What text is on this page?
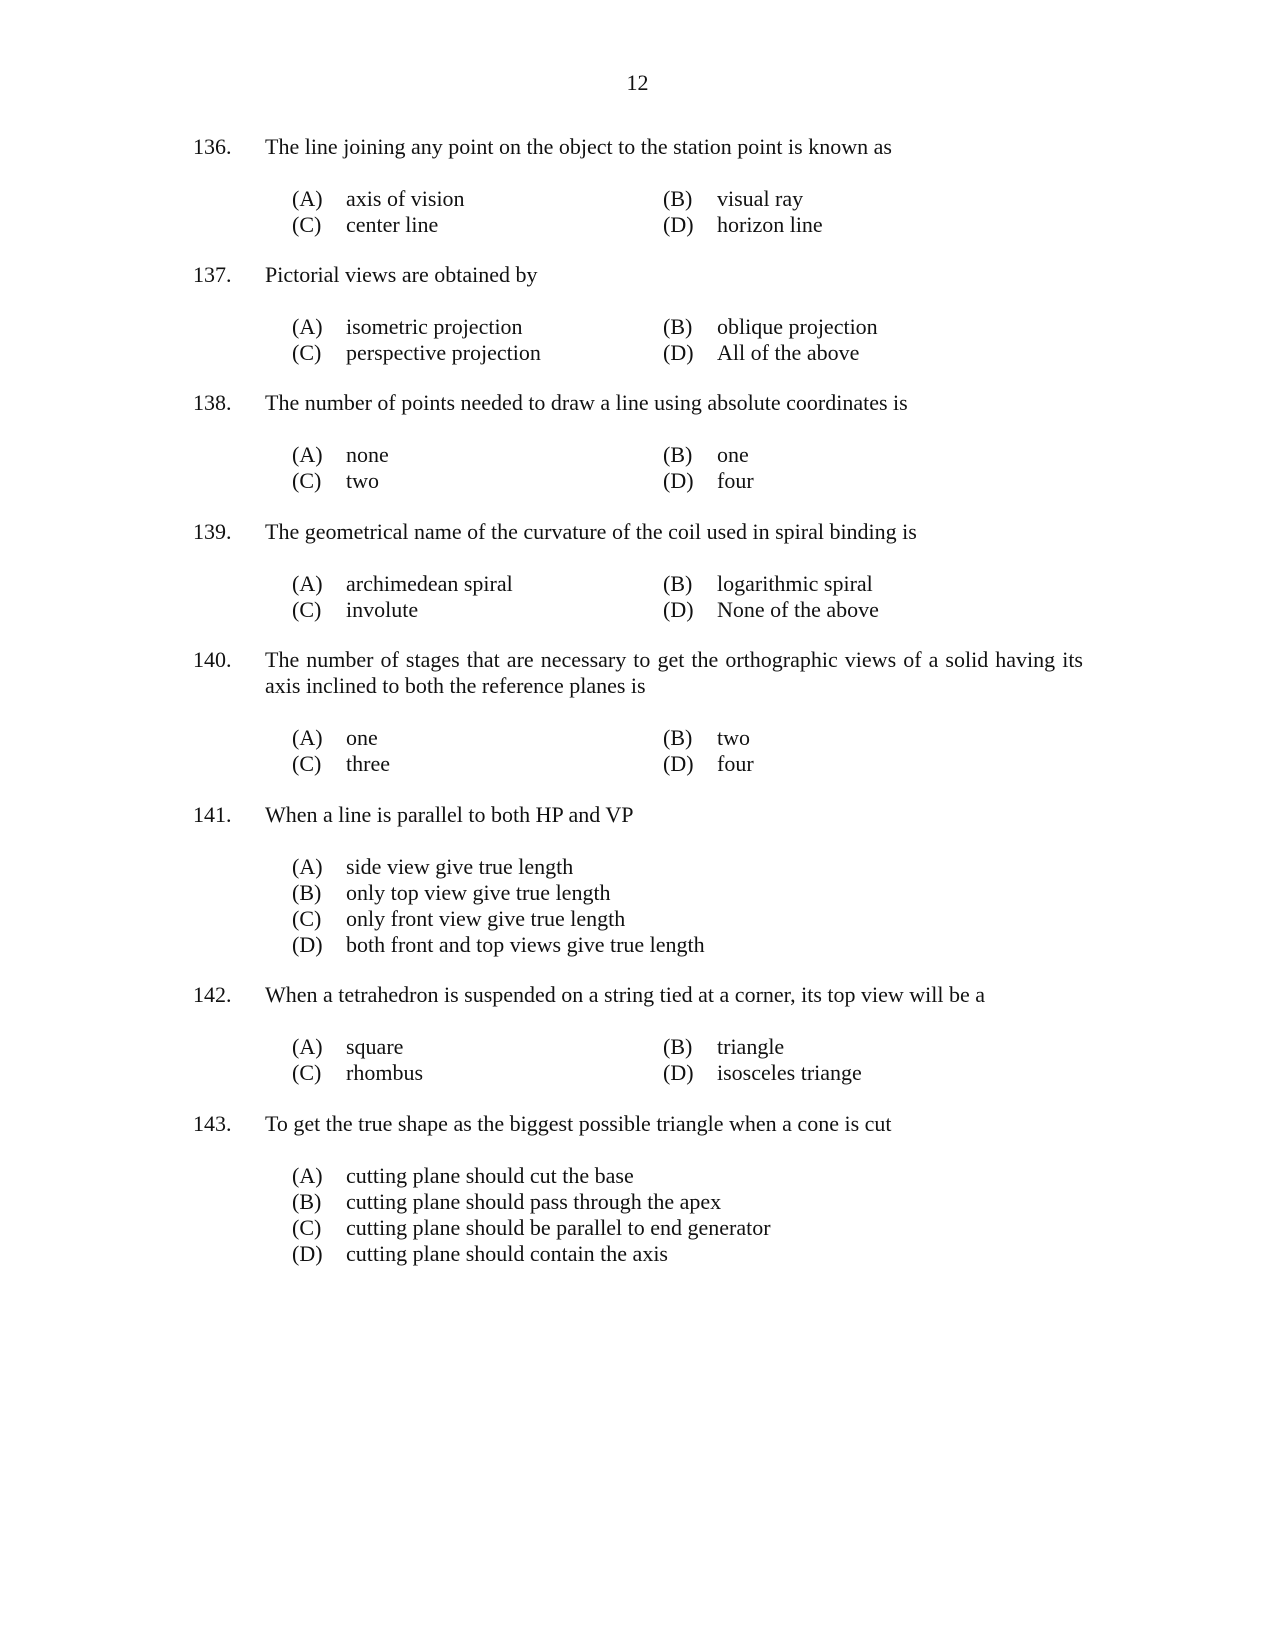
12
136.	The line joining any point on the object to the station point is known as
(A)	axis of vision	(B)	visual ray
(C)	center line	(D)	horizon line
137.	Pictorial views are obtained by
(A)	isometric projection	(B)	oblique projection
(C)	perspective projection	(D)	All of the above
138.	The number of points needed to draw a line using absolute coordinates is
(A)	none	(B)	one
(C)	two	(D)	four
139.	The geometrical name of the curvature of the coil used in spiral binding is
(A)	archimedean spiral	(B)	logarithmic spiral
(C)	involute	(D)	None of the above
140.	The number of stages that are necessary to get the orthographic views of a solid having its axis inclined to both the reference planes is
(A)	one	(B)	two
(C)	three	(D)	four
141.	When a line is parallel to both HP and VP
(A)	side view give true length
(B)	only top view give true length
(C)	only front view give true length
(D)	both front and top views give true length
142.	When a tetrahedron is suspended on a string tied at a corner, its top view will be a
(A)	square	(B)	triangle
(C)	rhombus	(D)	isosceles triange
143.	To get the true shape as the biggest possible triangle when a cone is cut
(A)	cutting plane should cut the base
(B)	cutting plane should pass through the apex
(C)	cutting plane should be parallel to end generator
(D)	cutting plane should contain the axis
